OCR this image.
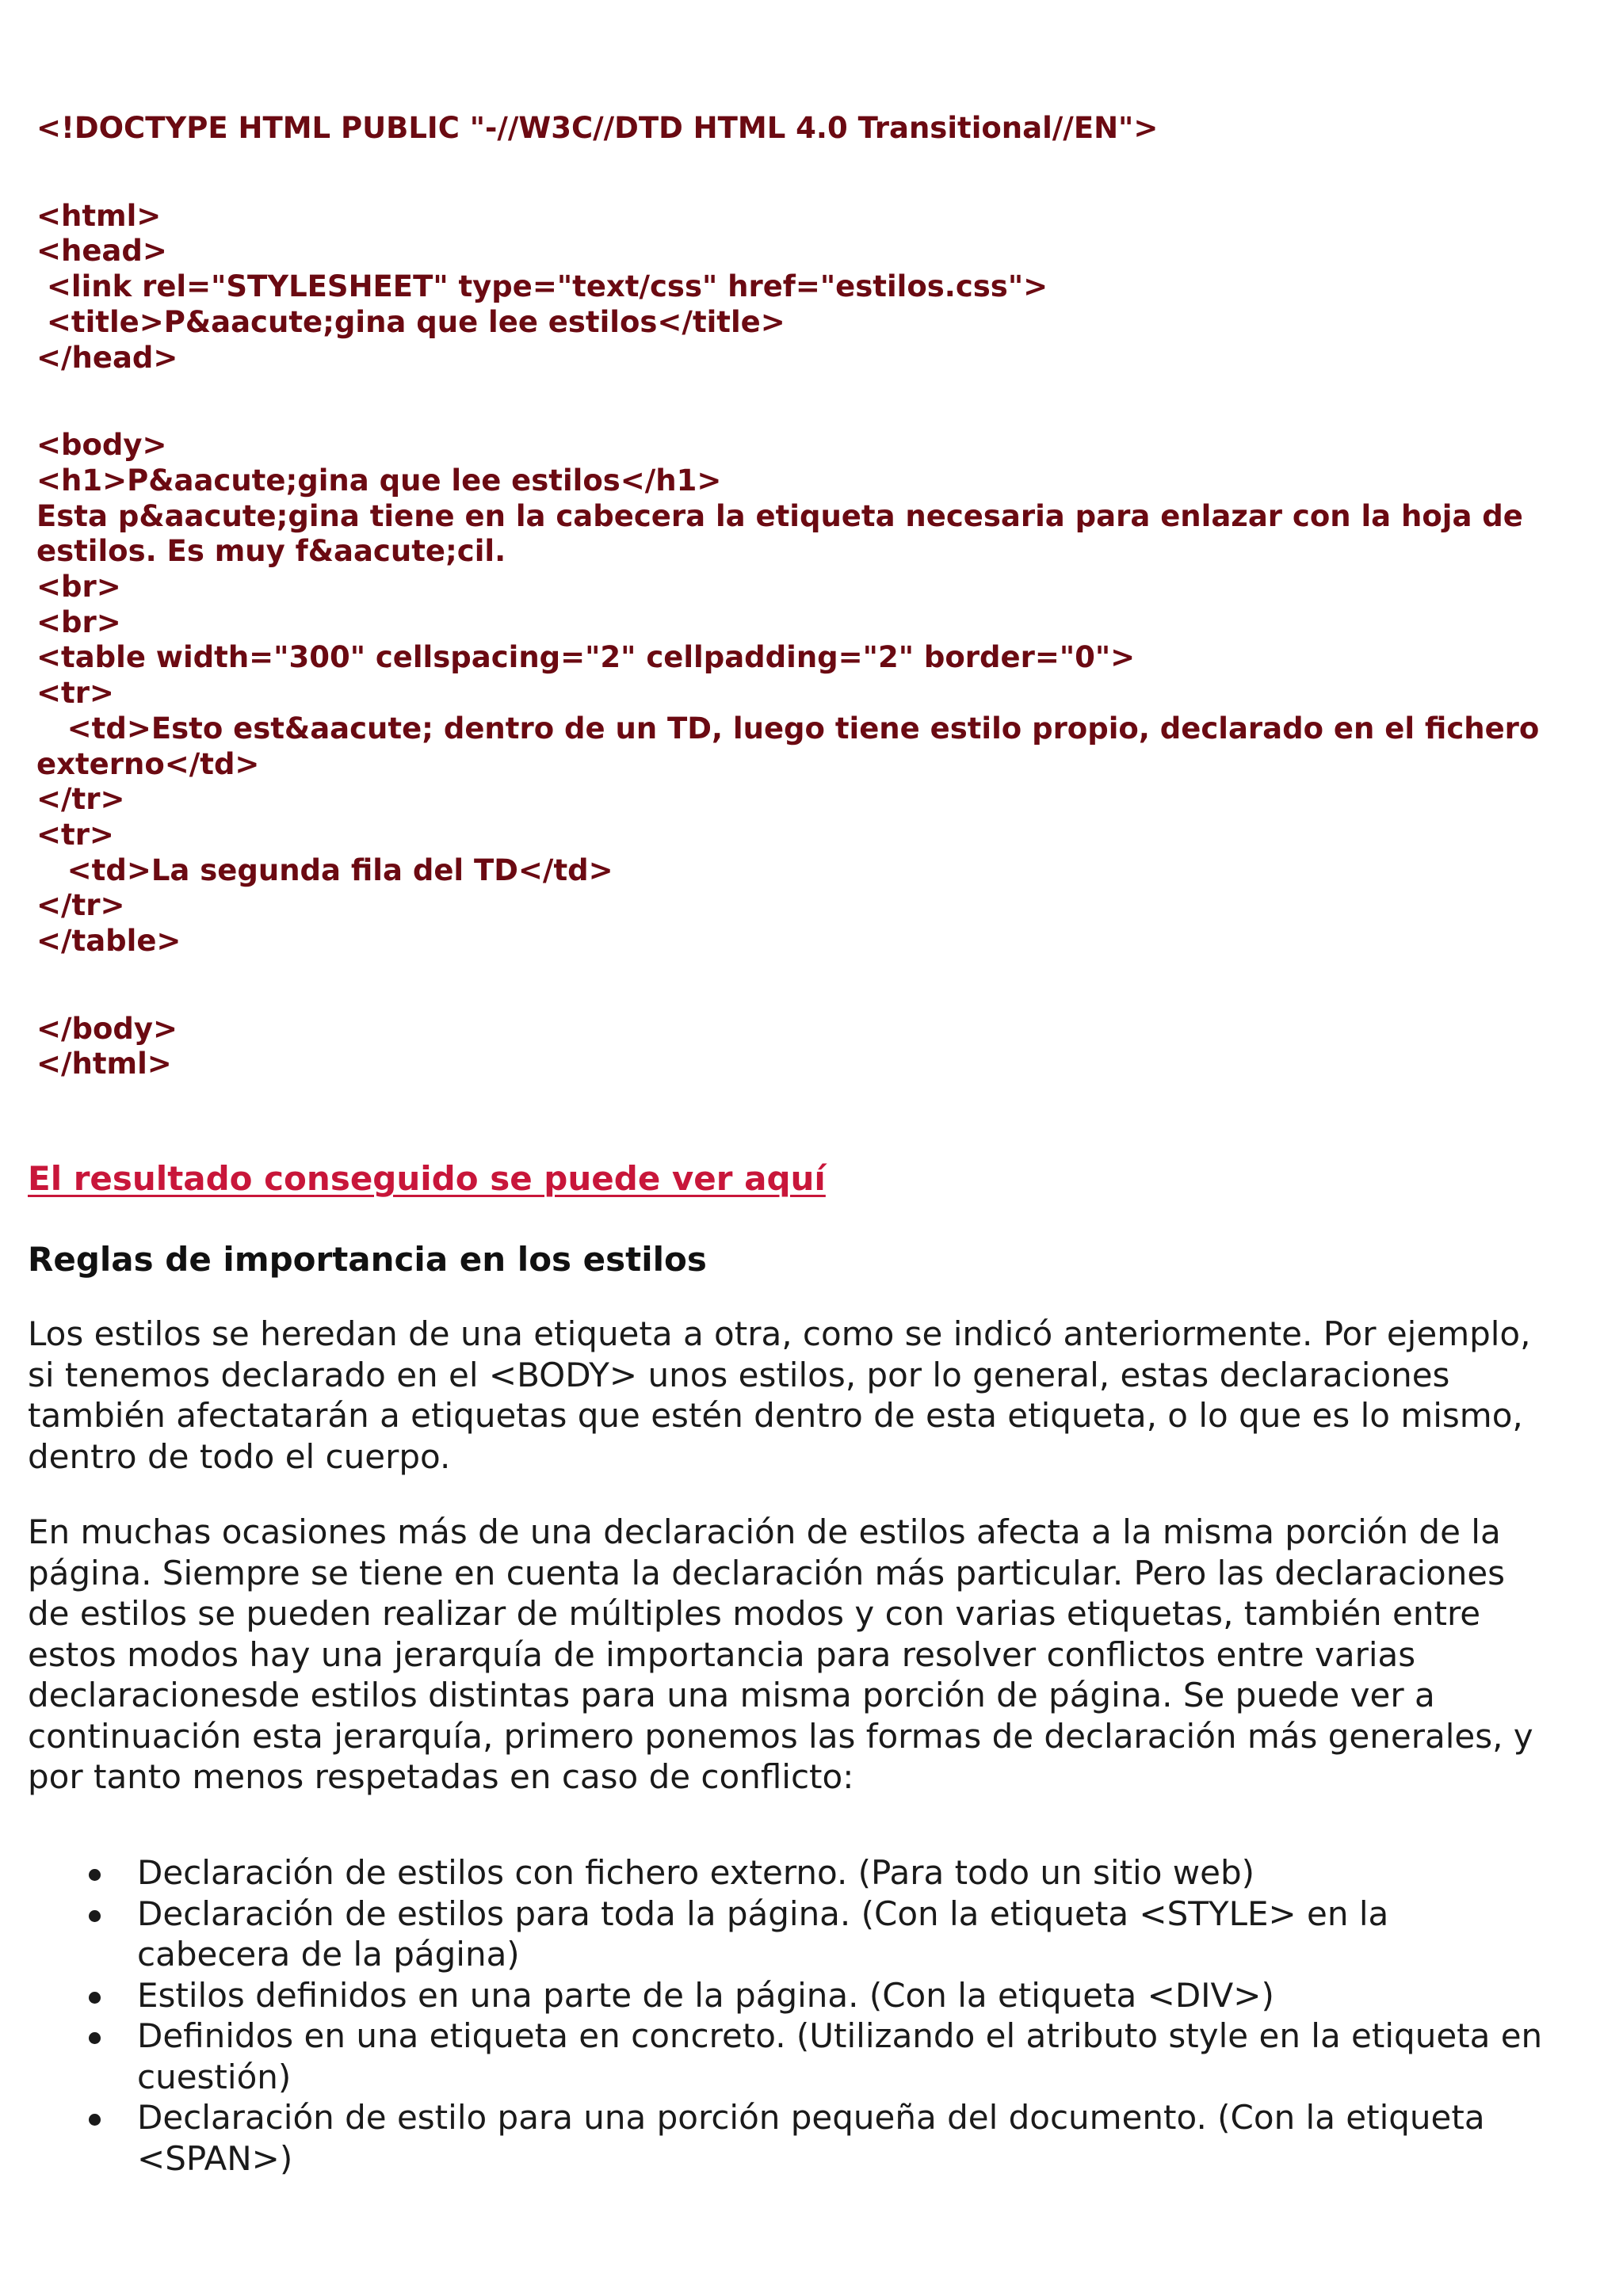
<!DOCTYPE HTML PUBLIC "-//W3C//DTD HTML 4.0 Transitional//EN">
<html>
<head>
<link rel="STYLESHEET" type="text/css" href="estilos.css">
<title>P&aacute;gina que lee estilos</title>
</head>
<body>
<h1>P&aacute;gina que lee estilos</h1>
Esta p&aacute;gina tiene en la cabecera la etiqueta necesaria para enlazar con la hoja de
estilos. Es muy f&aacute;cil.
<br>
<br>
<table width="300" cellspacing="2" cellpadding="2" border="0">
<tr>
<td>Esto est&aacute; dentro de un TD, luego tiene estilo propio, declarado en el fichero
externo</td>
</tr>
<tr>
<td>La segunda fila del TD</td>
</tr>
</table>
</body>
</html>
El resultado conseguido se puede ver aquí
Reglas de importancia en los estilos

Los estilos se heredan de una etiqueta a otra, como se indicó anteriormente. Por ejemplo,
si tenemos declarado en el <BODY> unos estilos, por lo general, estas declaraciones
también afectatarán a etiquetas que estén dentro de esta etiqueta, o lo que es lo mismo,
dentro de todo el cuerpo.

En muchas ocasiones más de una declaración de estilos afecta a la misma porción de la
página. Siempre se tiene en cuenta la declaración más particular. Pero las declaraciones
de estilos se pueden realizar de múltiples modos y con varias etiquetas, también entre
estos modos hay una jerarquía de importancia para resolver conflictos entre varias
declaracionesde estilos distintas para una misma porción de página. Se puede ver a
continuación esta jerarquía, primero ponemos las formas de declaración más generales, y
por tanto menos respetadas en caso de conflicto:

Declaración de estilos con fichero externo. (Para todo un sitio web)
Declaración de estilos para toda la página. (Con la etiqueta <STYLE> en la
cabecera de la página)
Estilos definidos en una parte de la página. (Con la etiqueta <DIV>)
Definidos en una etiqueta en concreto. (Utilizando el atributo style en la etiqueta en
cuestión)
Declaración de estilo para una porción pequeña del documento. (Con la etiqueta
<SPAN>)
